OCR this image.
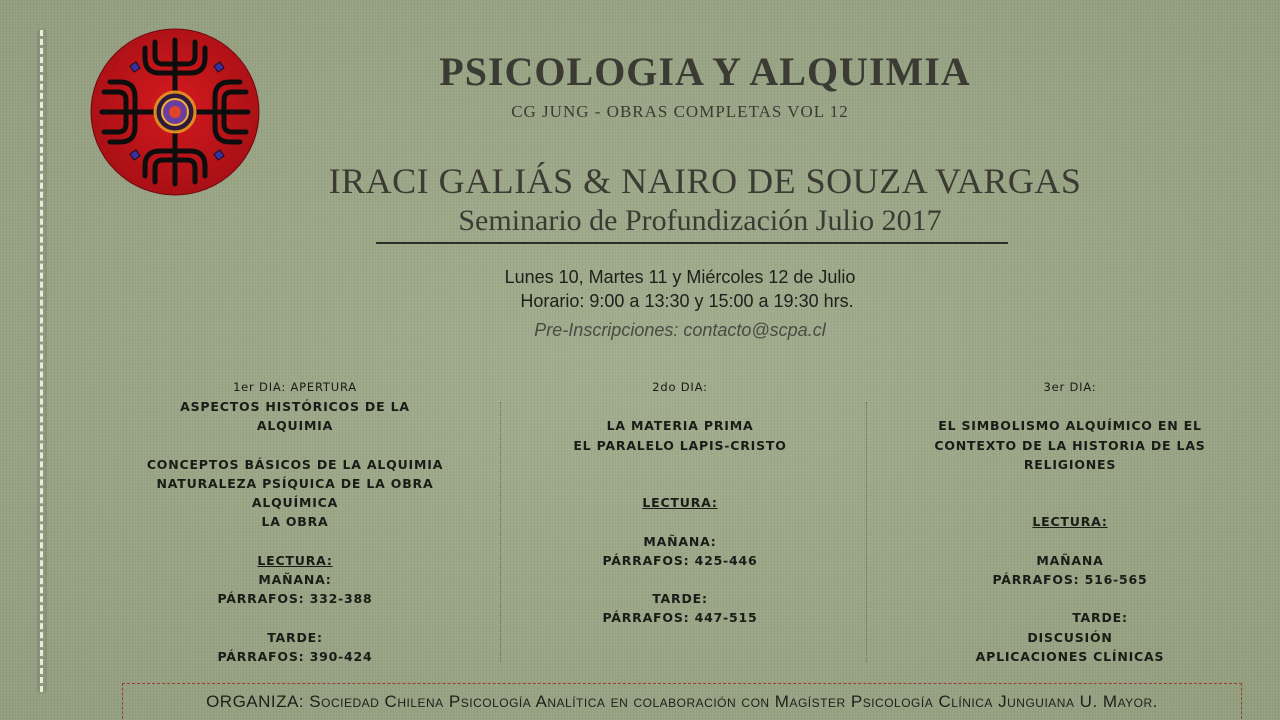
PSICOLOGIA Y ALQUIMIA
CG JUNG - OBRAS COMPLETAS VOL 12
IRACI GALIÁS & NAIRO DE SOUZA VARGAS
Seminario de Profundización Julio 2017
Lunes 10, Martes 11 y Miércoles 12 de Julio
Horario: 9:00 a 13:30 y 15:00 a 19:30 hrs.
Pre-Inscripciones: contacto@scpa.cl
1er DIA: APERTURA
ASPECTOS HISTÓRICOS DE LA
ALQUIMIA
CONCEPTOS BÁSICOS DE LA ALQUIMIA
NATURALEZA PSÍQUICA DE LA OBRA
ALQUÍMICA
LA OBRA
LECTURA:
MAÑANA:
PÁRRAFOS: 332-388
TARDE:
PÁRRAFOS: 390-424
2do DIA:
LA MATERIA PRIMA
EL PARALELO LAPIS-CRISTO
LECTURA:
MAÑANA:
PÁRRAFOS: 425-446
TARDE:
PÁRRAFOS: 447-515
3er DIA:
EL SIMBOLISMO ALQUÍMICO EN EL
CONTEXTO DE LA HISTORIA DE LAS
RELIGIONES
LECTURA:
MAÑANA
PÁRRAFOS: 516-565
TARDE:
DISCUSIÓN
APLICACIONES CLÍNICAS
ORGANIZA: Sociedad Chilena Psicología Analítica en colaboración con Magíster Psicología Clínica Junguiana U. Mayor.
